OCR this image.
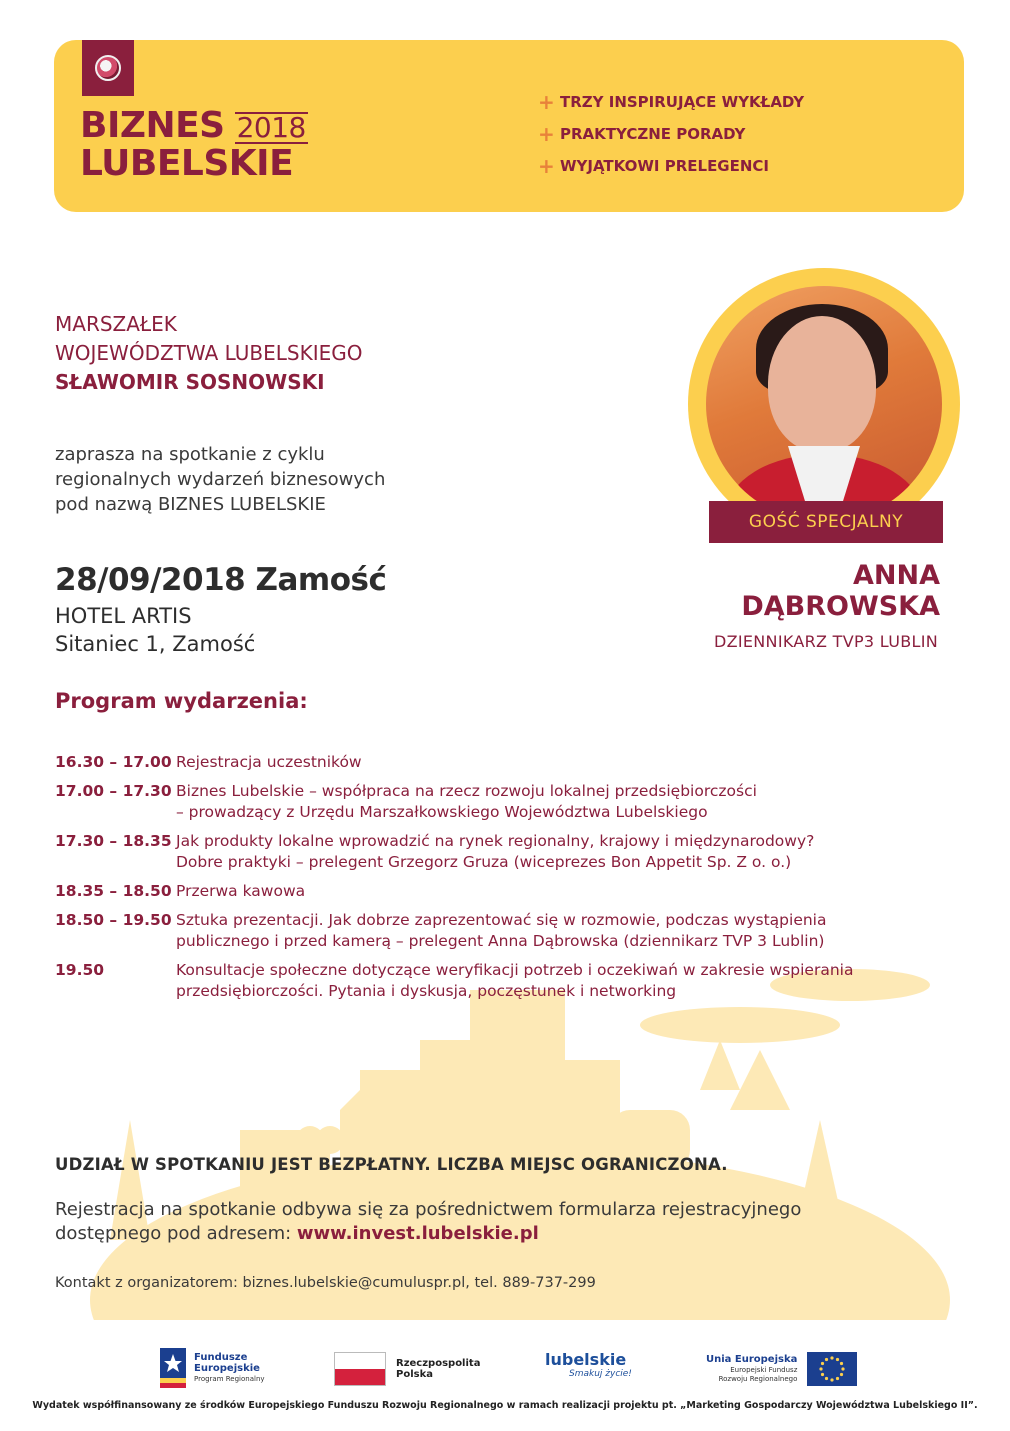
BIZNES 2018
LUBELSKIE
+ TRZY INSPIRUJĄCE WYKŁADY
+ PRAKTYCZNE PORADY
+ WYJĄTKOWI PRELEGENCI
MARSZAŁEK
WOJEWÓDZTWA LUBELSKIEGO
SŁAWOMIR SOSNOWSKI
zaprasza na spotkanie z cyklu
regionalnych wydarzeń biznesowych
pod nazwą BIZNES LUBELSKIE
28/09/2018 Zamość
HOTEL ARTIS
Sitaniec 1, Zamość
GOŚĆ SPECJALNY
ANNA
DĄBROWSKA
DZIENNIKARZ TVP3 LUBLIN
Program wydarzenia:
16.30 – 17.00 Rejestracja uczestników
17.00 – 17.30 Biznes Lubelskie – współpraca na rzecz rozwoju lokalnej przedsiębiorczości
– prowadzący z Urzędu Marszałkowskiego Województwa Lubelskiego
17.30 – 18.35 Jak produkty lokalne wprowadzić na rynek regionalny, krajowy i międzynarodowy?
Dobre praktyki – prelegent Grzegorz Gruza (wiceprezes Bon Appetit Sp. Z o. o.)
18.35 – 18.50 Przerwa kawowa
18.50 – 19.50 Sztuka prezentacji. Jak dobrze zaprezentować się w rozmowie, podczas wystąpienia
publicznego i przed kamerą – prelegent Anna Dąbrowska (dziennikarz TVP 3 Lublin)
19.50	Konsultacje społeczne dotyczące weryfikacji potrzeb i oczekiwań w zakresie wspierania
przedsiębiorczości. Pytania i dyskusja, poczęstunek i networking
UDZIAŁ W SPOTKANIU JEST BEZPŁATNY. LICZBA MIEJSC OGRANICZONA.
Rejestracja na spotkanie odbywa się za pośrednictwem formularza rejestracyjnego
dostępnego pod adresem: www.invest.lubelskie.pl
Kontakt z organizatorem: biznes.lubelskie@cumuluspr.pl, tel. 889-737-299
Fundusze
Europejskie
Program Regionalny
Rzeczpospolita
Polska
lubelskie
Smakuj życie!
Unia Europejska
Europejski Fundusz
Rozwoju Regionalnego
Wydatek współfinansowany ze środków Europejskiego Funduszu Rozwoju Regionalnego w ramach realizacji projektu pt. „Marketing Gospodarczy Województwa Lubelskiego II”.
